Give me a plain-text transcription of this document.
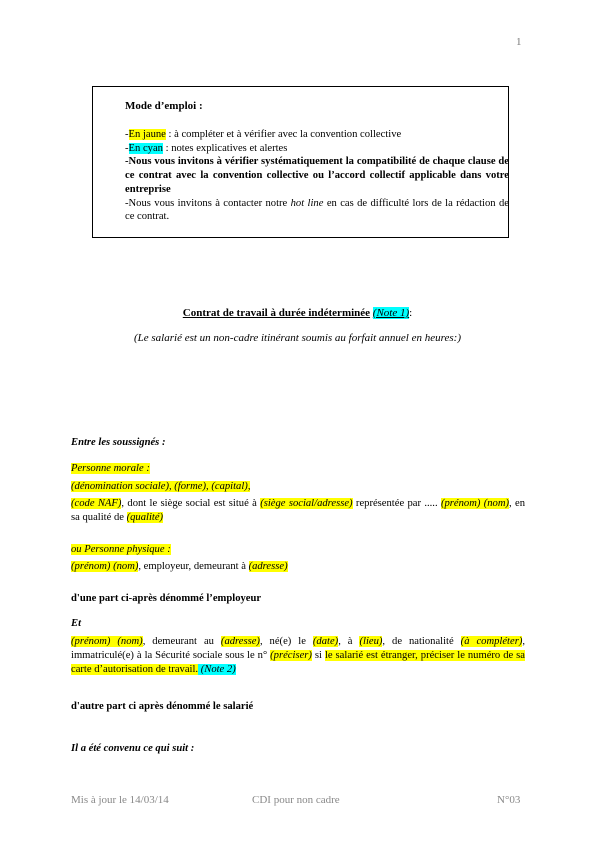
1
Mode d’emploi :
-En jaune : à compléter et à vérifier avec la convention collective
-En cyan : notes explicatives et alertes
-Nous vous invitons à vérifier systématiquement la compatibilité de chaque clause de ce contrat avec la convention collective ou l’accord collectif applicable dans votre entreprise
-Nous vous invitons à contacter notre hot line en cas de difficulté lors de la rédaction de ce contrat.
Contrat de travail à durée indéterminée (Note 1):
(Le salarié est un non-cadre itinérant soumis au forfait annuel en heures:)
Entre les soussignés :
Personne morale :
(dénomination sociale), (forme), (capital),
(code NAF), dont le siège social est situé à (siège social/adresse) représentée par ..... (prénom) (nom), en sa qualité de (qualité)
ou Personne physique :
(prénom) (nom), employeur, demeurant à (adresse)
d'une part ci-après dénommé l’employeur
Et
(prénom) (nom), demeurant au (adresse), né(e) le (date), à (lieu), de nationalité (à compléter), immatriculé(e) à la Sécurité sociale sous le n° (préciser) si le salarié est étranger, préciser le numéro de sa carte d’autorisation de travail. (Note 2)
d'autre part ci après dénommé le salarié
Il a été convenu ce qui suit :
Mis à jour le 14/03/14	CDI pour non cadre	N°03
